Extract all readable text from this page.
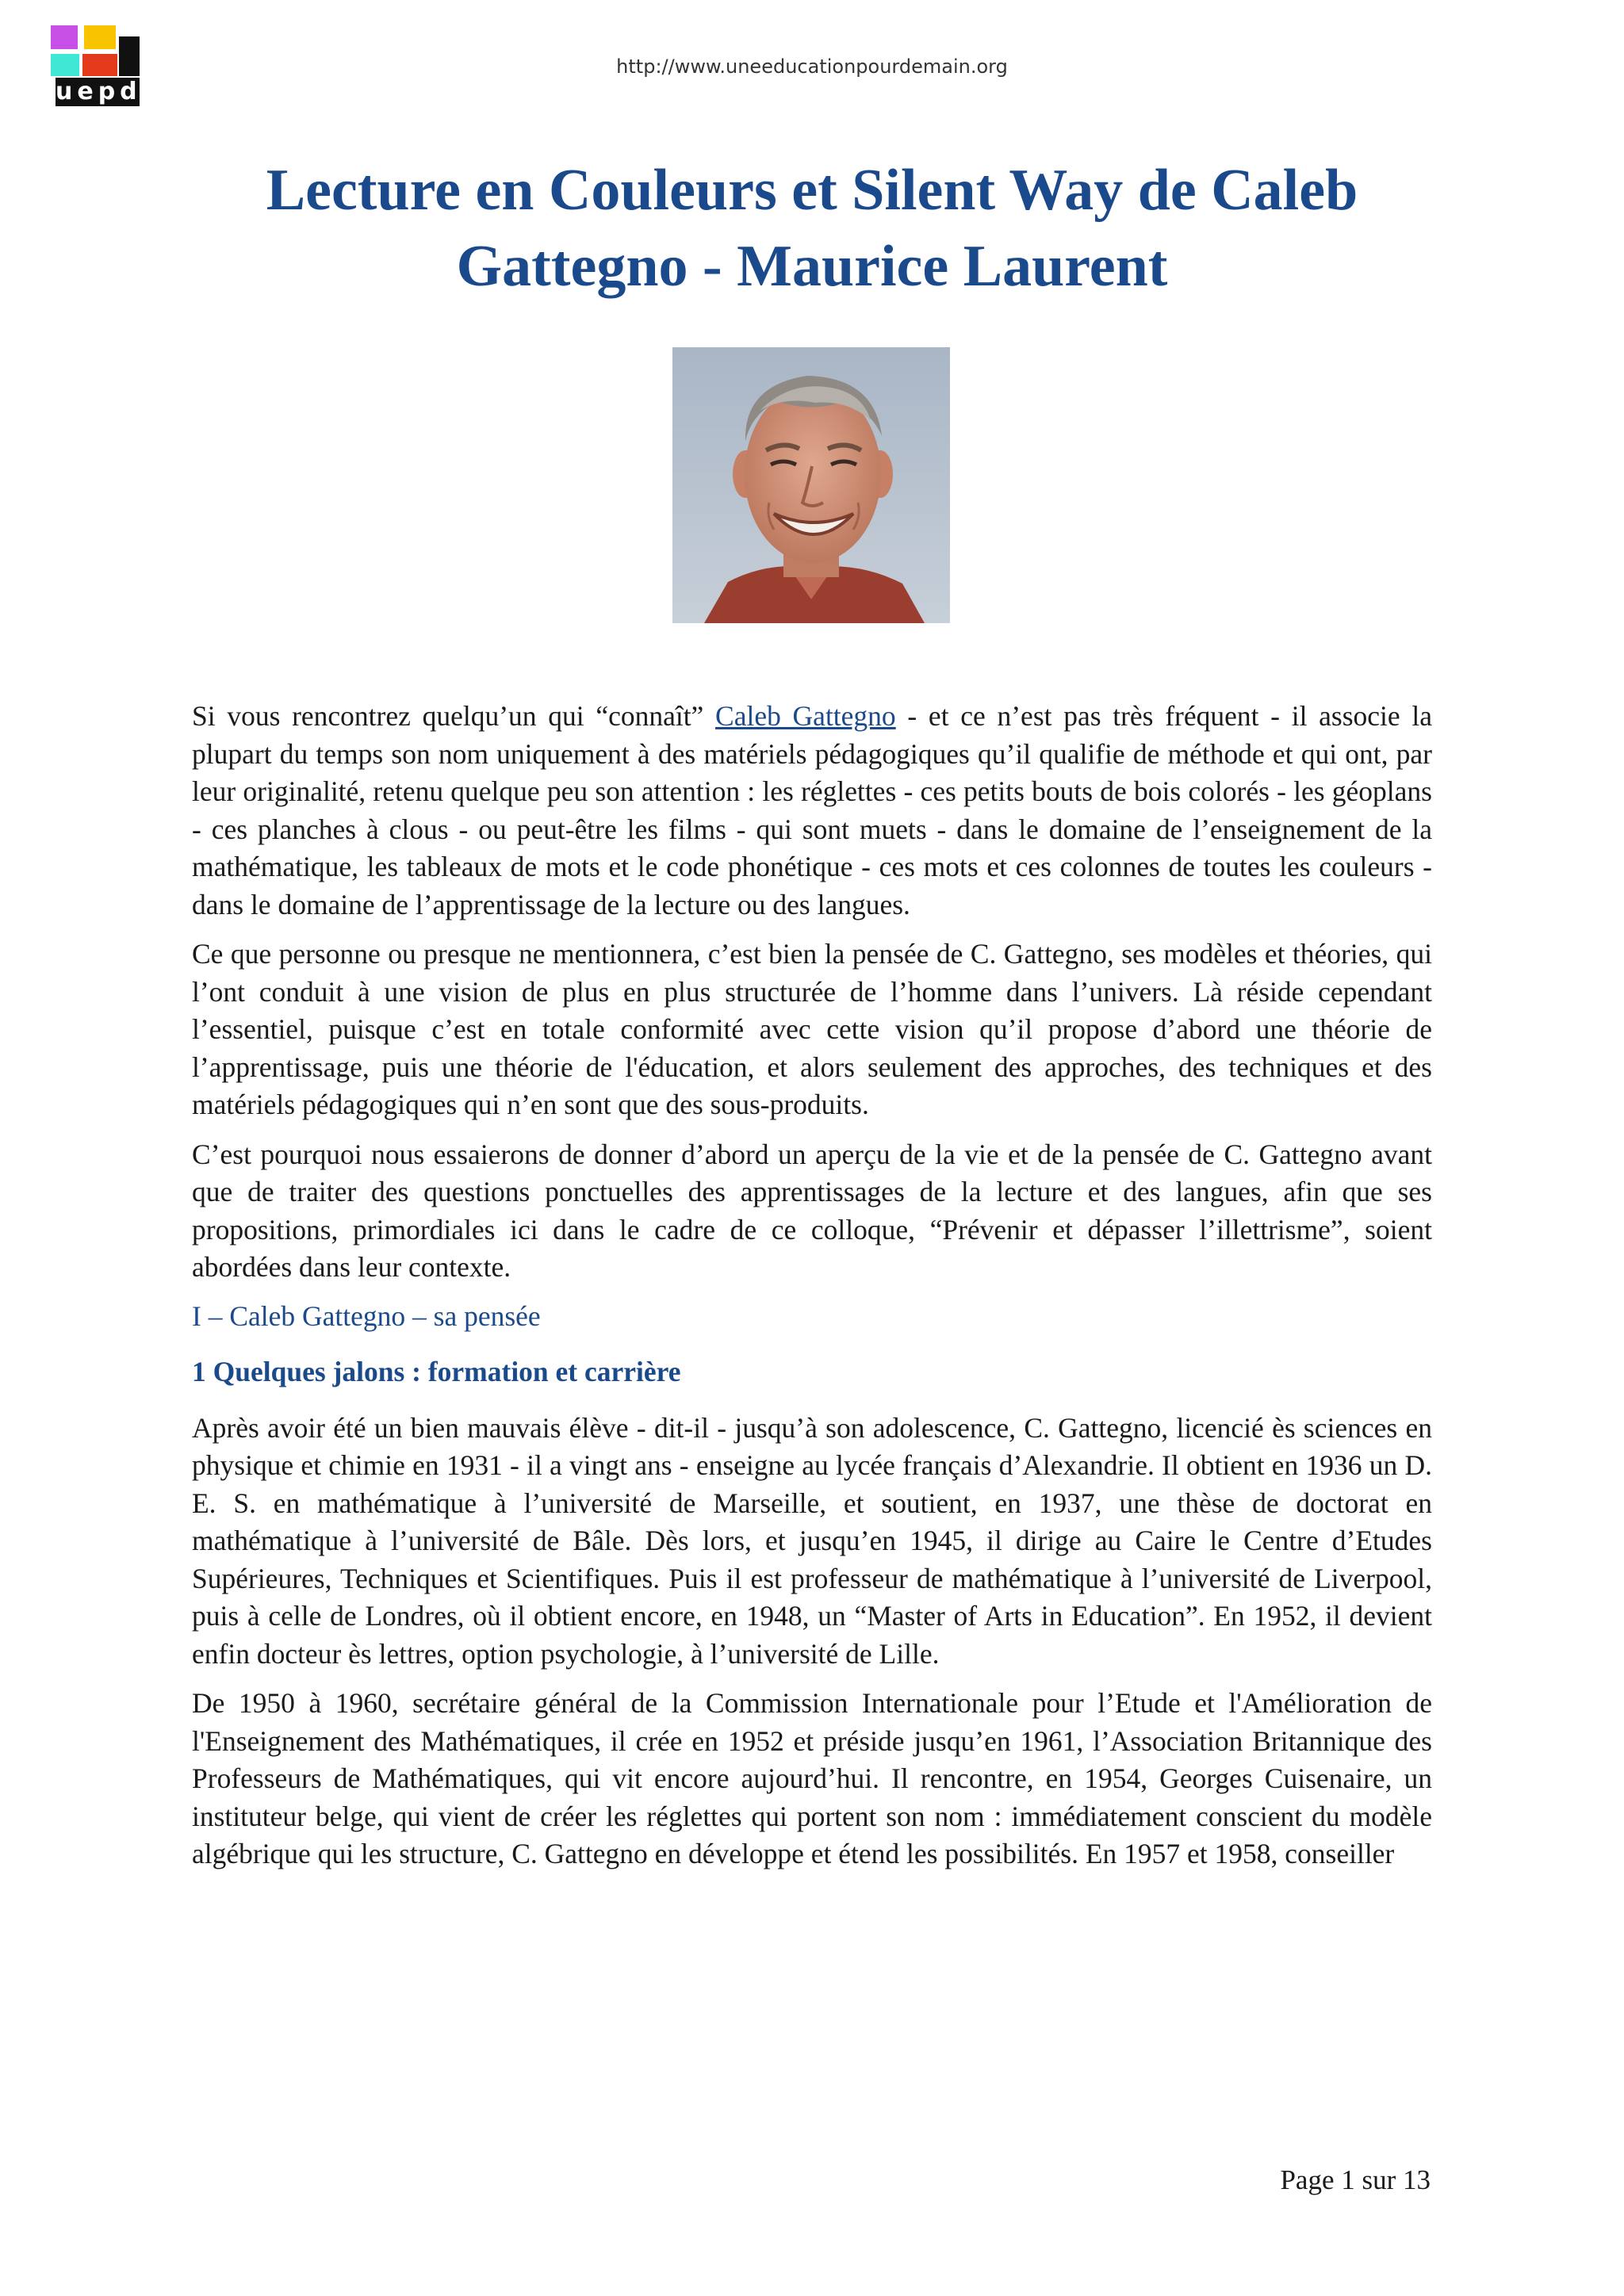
uepd
http://www.uneeducationpourdemain.org
Lecture en Couleurs et Silent Way de Caleb Gattegno - Maurice Laurent

Si vous rencontrez quelqu’un qui “connaît” Caleb Gattegno - et ce n’est pas très fréquent - il associe la plupart du temps son nom uniquement à des matériels pédagogiques qu’il qualifie de méthode et qui ont, par leur originalité, retenu quelque peu son attention : les réglettes - ces petits bouts de bois colorés - les géoplans - ces planches à clous - ou peut-être les films - qui sont muets - dans le domaine de l’enseignement de la mathématique, les tableaux de mots et le code phonétique - ces mots et ces colonnes de toutes les couleurs - dans le domaine de l’apprentissage de la lecture ou des langues.

Ce que personne ou presque ne mentionnera, c’est bien la pensée de C. Gattegno, ses modèles et théories, qui l’ont conduit à une vision de plus en plus structurée de l’homme dans l’univers. Là réside cependant l’essentiel, puisque c’est en totale conformité avec cette vision qu’il propose d’abord une théorie de l’apprentissage, puis une théorie de l'éducation, et alors seulement des approches, des techniques et des matériels pédagogiques qui n’en sont que des sous-produits.

C’est pourquoi nous essaierons de donner d’abord un aperçu de la vie et de la pensée de C. Gattegno avant que de traiter des questions ponctuelles des apprentissages de la lecture et des langues, afin que ses propositions, primordiales ici dans le cadre de ce colloque, “Prévenir et dépasser l’illettrisme”, soient abordées dans leur contexte.

I – Caleb Gattegno – sa pensée
1 Quelques jalons : formation et carrière

Après avoir été un bien mauvais élève - dit-il - jusqu’à son adolescence, C. Gattegno, licencié ès sciences en physique et chimie en 1931 - il a vingt ans - enseigne au lycée français d’Alexandrie. Il obtient en 1936 un D. E. S. en mathématique à l’université de Marseille, et soutient, en 1937, une thèse de doctorat en mathématique à l’université de Bâle. Dès lors, et jusqu’en 1945, il dirige au Caire le Centre d’Etudes Supérieures, Techniques et Scientifiques. Puis il est professeur de mathématique à l’université de Liverpool, puis à celle de Londres, où il obtient encore, en 1948, un “Master of Arts in Education”. En 1952, il devient enfin docteur ès lettres, option psychologie, à l’université de Lille.

De 1950 à 1960, secrétaire général de la Commission Internationale pour l’Etude et l'Amélioration de l'Enseignement des Mathématiques, il crée en 1952 et préside jusqu’en 1961, l’Association Britannique des Professeurs de Mathématiques, qui vit encore aujourd’hui. Il rencontre, en 1954, Georges Cuisenaire, un instituteur belge, qui vient de créer les réglettes qui portent son nom : immédiatement conscient du modèle algébrique qui les structure, C. Gattegno en développe et étend les possibilités. En 1957 et 1958, conseiller

Page 1 sur 13
